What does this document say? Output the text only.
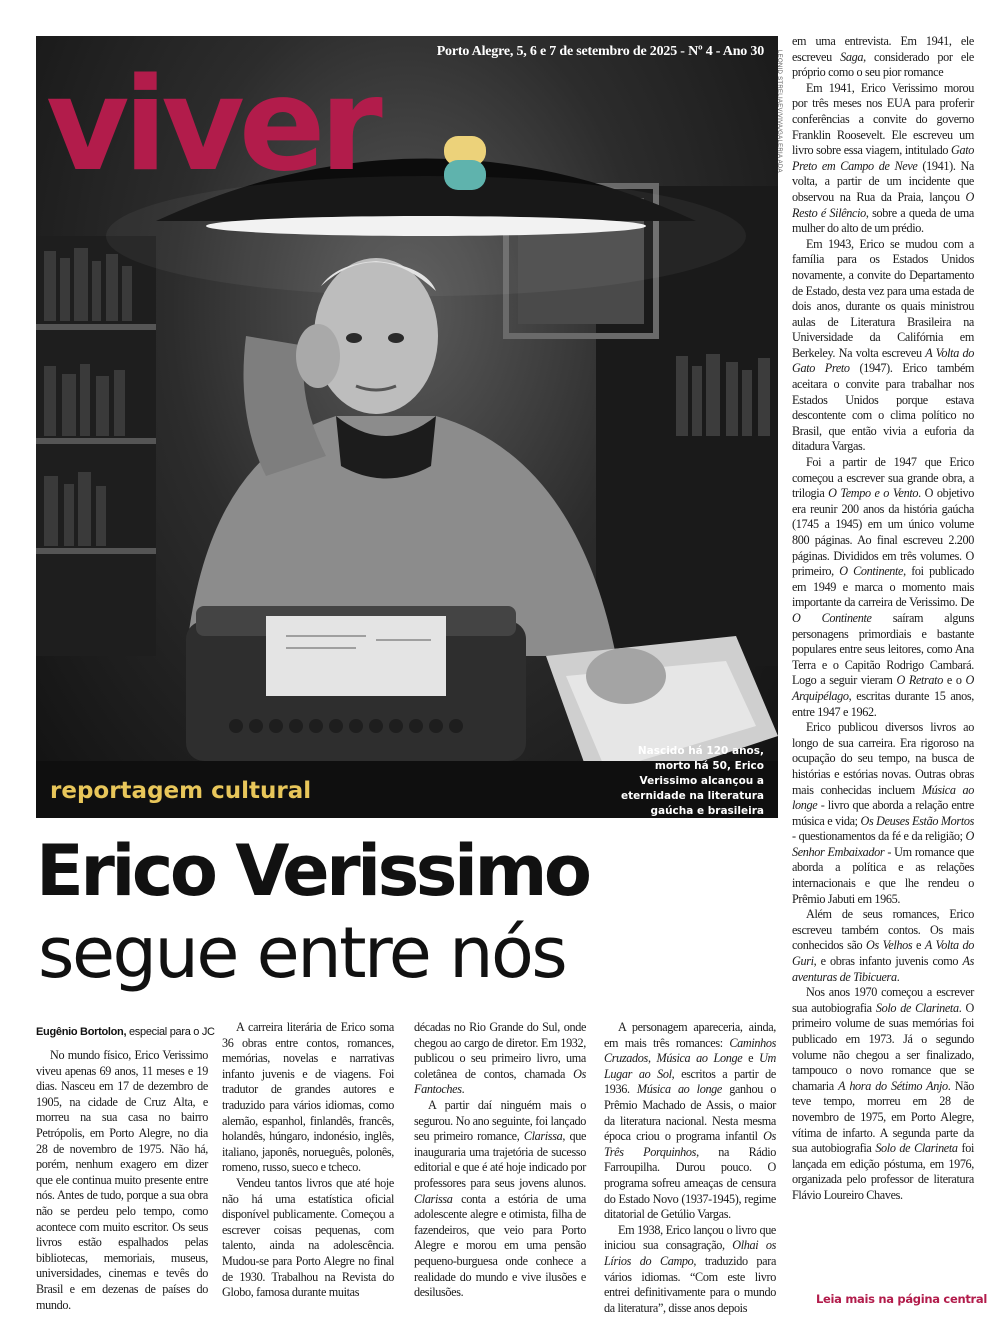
Porto Alegre, 5, 6 e 7 de setembro de 2025 - Nº 4 - Ano 30	LEONID STRELIAEV/VIVA/GALERIA ADA
viver
reportagem cultural
Nascido há 120 anos, morto há 50, Erico Verissimo alcançou a eternidade na literatura gaúcha e brasileira
Erico Verissimo
segue entre nós

em uma entrevista. Em 1941, ele escreveu Saga, considerado por ele próprio como o seu pior romance

Em 1941, Erico Verissimo morou por três meses nos EUA para proferir conferências a convite do governo Franklin Roosevelt. Ele escreveu um livro sobre essa viagem, intitulado Gato Preto em Campo de Neve (1941). Na volta, a partir de um incidente que observou na Rua da Praia, lançou O Resto é Silêncio, sobre a queda de uma mulher do alto de um prédio.

Em 1943, Erico se mudou com a família para os Estados Unidos novamente, a convite do Departamento de Estado, desta vez para uma estada de dois anos, durante os quais ministrou aulas de Literatura Brasileira na Universidade da Califórnia em Berkeley. Na volta escreveu A Volta do Gato Preto (1947). Erico também aceitara o convite para trabalhar nos Estados Unidos porque estava descontente com o clima político no Brasil, que então vivia a euforia da ditadura Vargas.

Foi a partir de 1947 que Erico começou a escrever sua grande obra, a trilogia O Tempo e o Vento. O objetivo era reunir 200 anos da história gaúcha (1745 a 1945) em um único volume 800 páginas. Ao final escreveu 2.200 páginas. Divididos em três volumes. O primeiro, O Continente, foi publicado em 1949 e marca o momento mais importante da carreira de Verissimo. De O Continente saíram alguns personagens primordiais e bastante populares entre seus leitores, como Ana Terra e o Capitão Rodrigo Cambará. Logo a seguir vieram O Retrato e o O Arquipélago, escritas durante 15 anos, entre 1947 e 1962.

Erico publicou diversos livros ao longo de sua carreira. Era rigoroso na ocupação do seu tempo, na busca de histórias e estórias novas. Outras obras mais conhecidas incluem Música ao longe - livro que aborda a relação entre música e vida; Os Deuses Estão Mortos - questionamentos da fé e da religião; O Senhor Embaixador - Um romance que aborda a política e as relações internacionais e que lhe rendeu o Prêmio Jabuti em 1965.

Além de seus romances, Erico escreveu também contos. Os mais conhecidos são Os Velhos e A Volta do Guri, e obras infanto juvenis como As aventuras de Tibicuera.

Nos anos 1970 começou a escrever sua autobiografia Solo de Clarineta. O primeiro volume de suas memórias foi publicado em 1973. Já o segundo volume não chegou a ser finalizado, tampouco o novo romance que se chamaria A hora do Sétimo Anjo. Não teve tempo, morreu em 28 de novembro de 1975, em Porto Alegre, vítima de infarto. A segunda parte da sua autobiografia Solo de Clarineta foi lançada em edição póstuma, em 1976, organizada pelo professor de literatura Flávio Loureiro Chaves.

Eugênio Bortolon, especial para o JC

No mundo físico, Erico Verissimo viveu apenas 69 anos, 11 meses e 19 dias. Nasceu em 17 de dezembro de 1905, na cidade de Cruz Alta, e morreu na sua casa no bairro Petrópolis, em Porto Alegre, no dia 28 de novembro de 1975. Não há, porém, nenhum exagero em dizer que ele continua muito presente entre nós. Antes de tudo, porque a sua obra não se perdeu pelo tempo, como acontece com muito escritor. Os seus livros estão espalhados pelas bibliotecas, memoriais, museus, universidades, cinemas e tevês do Brasil e em dezenas de países do mundo.

A carreira literária de Erico soma 36 obras entre contos, romances, memórias, novelas e narrativas infanto juvenis e de viagens. Foi tradutor de grandes autores e traduzido para vários idiomas, como alemão, espanhol, finlandês, francês, holandês, húngaro, indonésio, inglês, italiano, japonês, norueguês, polonês, romeno, russo, sueco e tcheco.

Vendeu tantos livros que até hoje não há uma estatística oficial disponível publicamente. Começou a escrever coisas pequenas, com talento, ainda na adolescência. Mudou-se para Porto Alegre no final de 1930. Trabalhou na Revista do Globo, famosa durante muitas

décadas no Rio Grande do Sul, onde chegou ao cargo de diretor. Em 1932, publicou o seu primeiro livro, uma coletânea de contos, chamada Os Fantoches.

A partir daí ninguém mais o segurou. No ano seguinte, foi lançado seu primeiro romance, Clarissa, que inauguraria uma trajetória de sucesso editorial e que é até hoje indicado por professores para seus jovens alunos. Clarissa conta a estória de uma adolescente alegre e otimista, filha de fazendeiros, que veio para Porto Alegre e morou em uma pensão pequeno-burguesa onde conhece a realidade do mundo e vive ilusões e desilusões.

A personagem apareceria, ainda, em mais três romances: Caminhos Cruzados, Música ao Longe e Um Lugar ao Sol, escritos a partir de 1936. Música ao longe ganhou o Prêmio Machado de Assis, o maior da literatura nacional. Nesta mesma época criou o programa infantil Os Três Porquinhos, na Rádio Farroupilha. Durou pouco. O programa sofreu ameaças de censura do Estado Novo (1937-1945), regime ditatorial de Getúlio Vargas.

Em 1938, Erico lançou o livro que iniciou sua consagração, Olhai os Lírios do Campo, traduzido para vários idiomas. “Com este livro entrei definitivamente para o mundo da literatura”, disse anos depois

Leia mais na página central
